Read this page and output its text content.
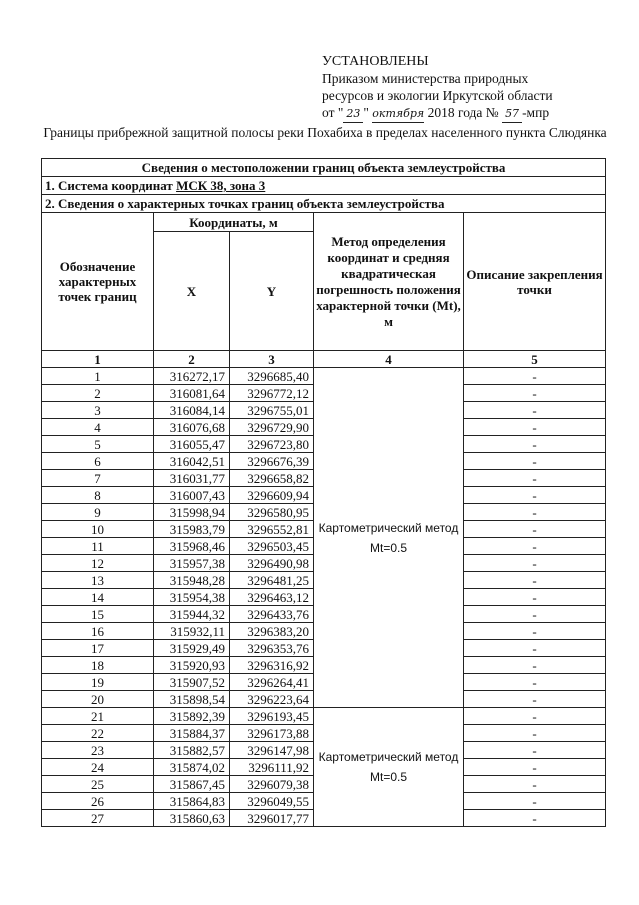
УСТАНОВЛЕНЫ
Приказом министерства природных
ресурсов и экологии Иркутской области
от " 23 " октября 2018 года № 57 -мпр
Границы прибрежной защитной полосы реки Похабиха в пределах населенного пункта Слюдянка
Сведения о местоположении границ объекта землеустройства				
1. Система координат МСК 38, зона 3				
2. Сведения о характерных точках границ объекта землеустройства				
Обозначение характерных точек границ	Координаты, м		Метод определения координат и средняя квадратическая погрешность положения характерной точки (Mt), м	Описание закрепления точки
	X	Y		
1	2	3	4	5
1	316272,17	3296685,40	Картометрический метод Mt=0.5	-
2	316081,64	3296772,12		-
3	316084,14	3296755,01		-
4	316076,68	3296729,90		-
5	316055,47	3296723,80		-
6	316042,51	3296676,39		-
7	316031,77	3296658,82		-
8	316007,43	3296609,94		-
9	315998,94	3296580,95		-
10	315983,79	3296552,81		-
11	315968,46	3296503,45		-
12	315957,38	3296490,98		-
13	315948,28	3296481,25		-
14	315954,38	3296463,12		-
15	315944,32	3296433,76		-
16	315932,11	3296383,20		-
17	315929,49	3296353,76		-
18	315920,93	3296316,92		-
19	315907,52	3296264,41		-
20	315898,54	3296223,64		-
21	315892,39	3296193,45	Картометрический метод Mt=0.5	-
22	315884,37	3296173,88		-
23	315882,57	3296147,98		-
24	315874,02	3296111,92		-
25	315867,45	3296079,38		-
26	315864,83	3296049,55		-
27	315860,63	3296017,77		-
